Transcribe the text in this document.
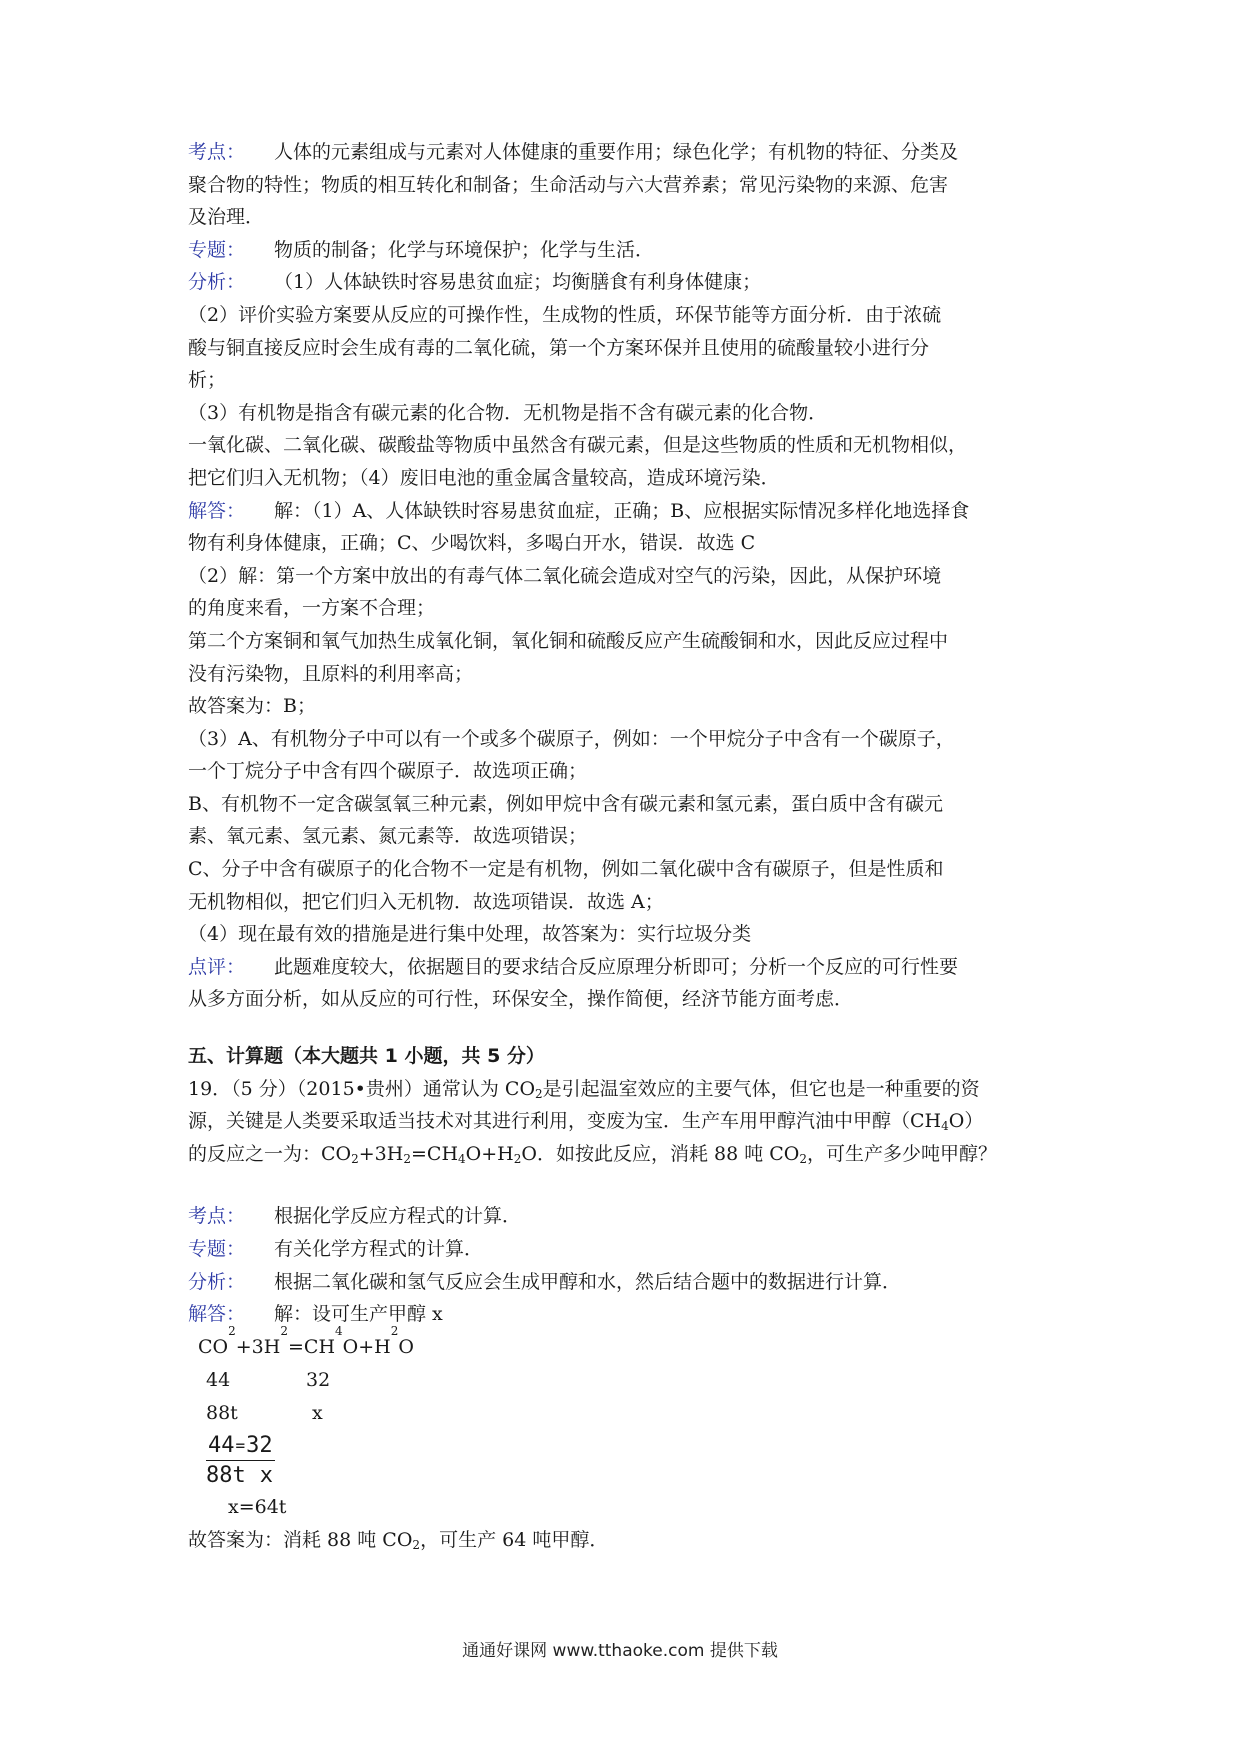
考点： 人体的元素组成与元素对人体健康的重要作用；绿色化学；有机物的特征、分类及

聚合物的特性；物质的相互转化和制备；生命活动与六大营养素；常见污染物的来源、危害

及治理．

专题： 物质的制备；化学与环境保护；化学与生活．

分析： （1）人体缺铁时容易患贫血症；均衡膳食有利身体健康；

（2）评价实验方案要从反应的可操作性，生成物的性质，环保节能等方面分析．由于浓硫

酸与铜直接反应时会生成有毒的二氧化硫，第一个方案环保并且使用的硫酸量较小进行分

析；

（3）有机物是指含有碳元素的化合物．无机物是指不含有碳元素的化合物．

一氧化碳、二氧化碳、碳酸盐等物质中虽然含有碳元素，但是这些物质的性质和无机物相似，

把它们归入无机物；（4）废旧电池的重金属含量较高，造成环境污染．

解答： 解：（1）A、人体缺铁时容易患贫血症，正确；B、应根据实际情况多样化地选择食

物有利身体健康，正确；C、少喝饮料，多喝白开水，错误．故选 C

（2）解：第一个方案中放出的有毒气体二氧化硫会造成对空气的污染，因此，从保护环境

的角度来看，一方案不合理；

第二个方案铜和氧气加热生成氧化铜，氧化铜和硫酸反应产生硫酸铜和水，因此反应过程中

没有污染物，且原料的利用率高；

故答案为：B；

（3）A、有机物分子中可以有一个或多个碳原子，例如：一个甲烷分子中含有一个碳原子，

一个丁烷分子中含有四个碳原子．故选项正确；

B、有机物不一定含碳氢氧三种元素，例如甲烷中含有碳元素和氢元素，蛋白质中含有碳元

素、氧元素、氢元素、氮元素等．故选项错误；

C、分子中含有碳原子的化合物不一定是有机物，例如二氧化碳中含有碳原子，但是性质和

无机物相似，把它们归入无机物．故选项错误．故选 A；

（4）现在最有效的措施是进行集中处理，故答案为：实行垃圾分类

点评： 此题难度较大，依据题目的要求结合反应原理分析即可；分析一个反应的可行性要

从多方面分析，如从反应的可行性，环保安全，操作简便，经济节能方面考虑．

五、计算题（本大题共 1 小题，共 5 分）

19．（5 分）（2015•贵州）通常认为 $CO_2$是引起温室效应的主要气体，但它也是一种重要的资

源，关键是人类要采取适当技术对其进行利用，变废为宝．生产车用甲醇汽油中甲醇$(CH_4O)$

的反应之一为：$CO_2+3H_2=CH_4O+H_2O$．如按此反应，消耗 88 吨 $CO_2$，可生产多少吨甲醇？

考点： 根据化学反应方程式的计算．

专题： 有关化学方程式的计算．

分析： 根据二氧化碳和氢气反应会生成甲醇和水，然后结合题中的数据进行计算．

解答： 解：设可生产甲醇 x

CO
2
+3H
2
=CH
4
O+H
2
O
44	32
88t	x
$\frac{44 = 32}{\text{88t x}}$
x=64t

故答案为：消耗 88 吨 $CO_2$，可生产 64 吨甲醇．

通通好课网 www.tthaoke.com 提供下载
